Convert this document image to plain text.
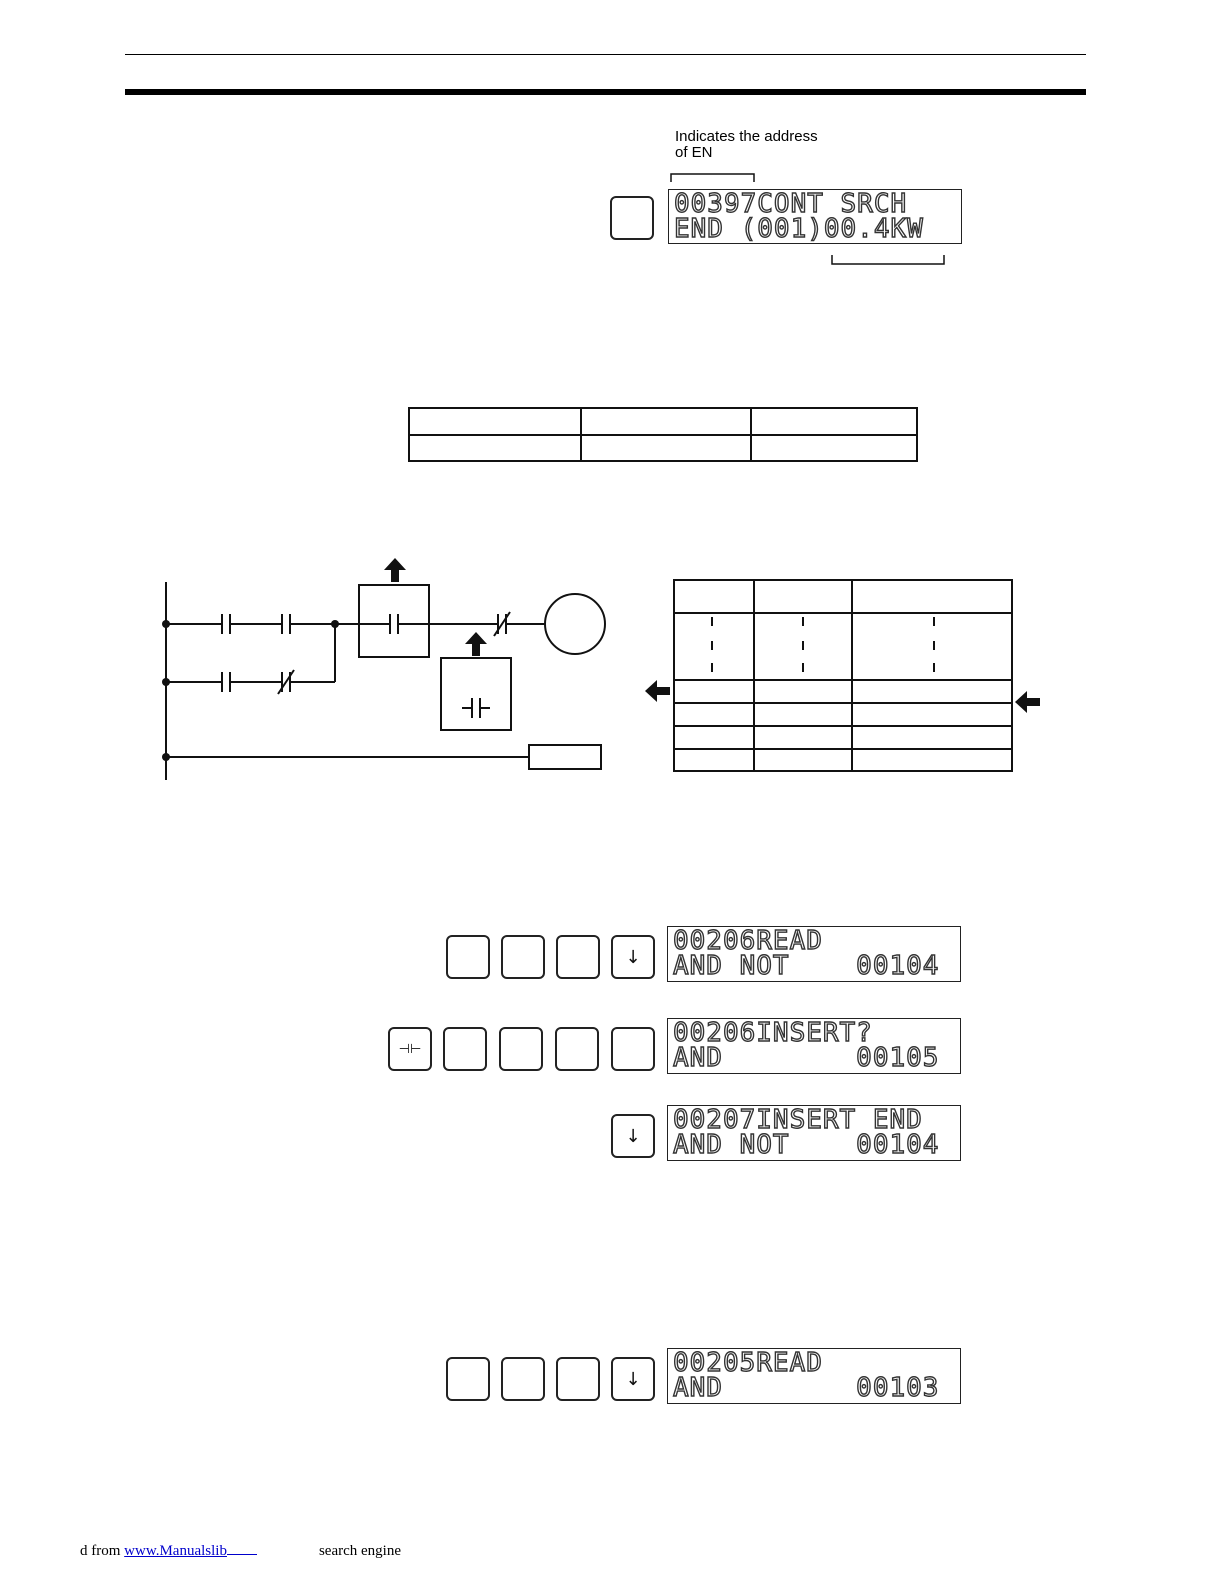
Indicates the address
of EN
00397CONT SRCH
END (001)00.4KW

↓
00206READ
AND NOT    00104
⊣⊢
00206INSERT?
AND        00105
↓
00207INSERT END
AND NOT    00104
↓
00205READ
AND        00103
d from www.Manualslib	search engine
